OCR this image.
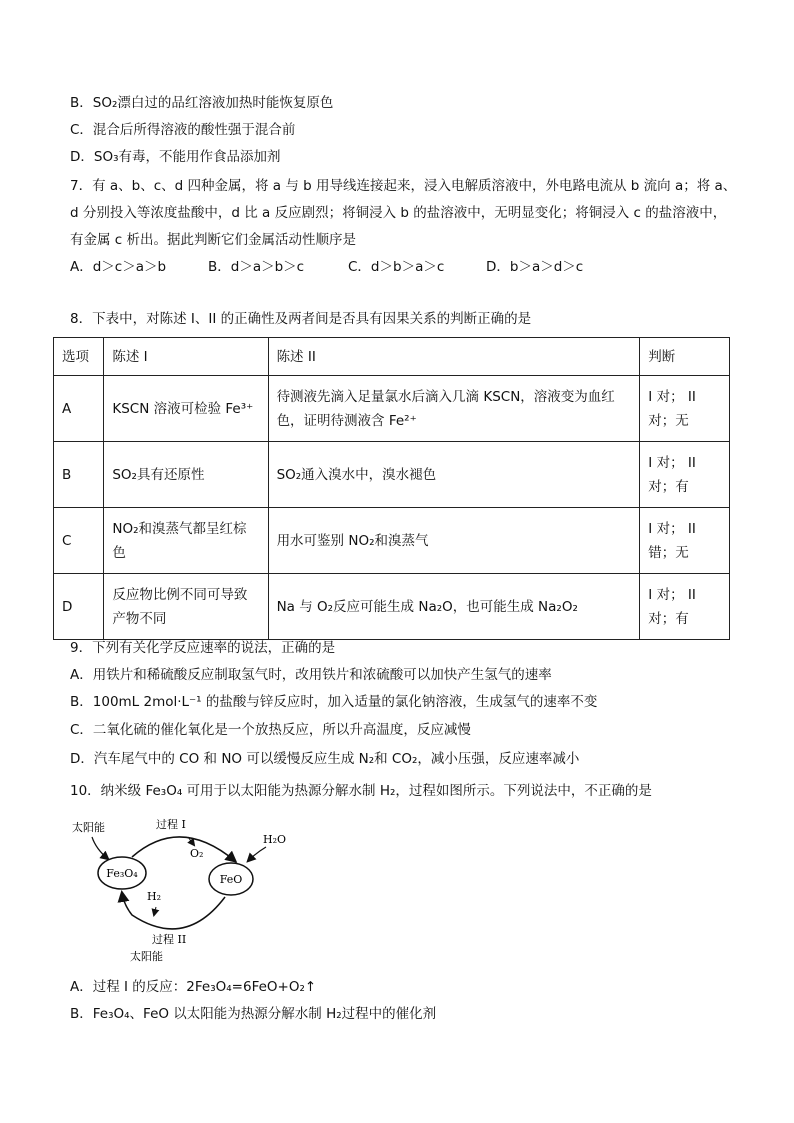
B．SO₂漂白过的品红溶液加热时能恢复原色
C．混合后所得溶液的酸性强于混合前
D．SO₃有毒，不能用作食品添加剂
7．有 a、b、c、d 四种金属，将 a 与 b 用导线连接起来，浸入电解质溶液中，外电路电流从 b 流向 a；将 a、
d 分别投入等浓度盐酸中，d 比 a 反应剧烈；将铜浸入 b 的盐溶液中，无明显变化；将铜浸入 c 的盐溶液中，
有金属 c 析出。据此判断它们金属活动性顺序是
A．d＞c＞a＞b	B．d＞a＞b＞c	C．d＞b＞a＞c	D．b＞a＞d＞c
8．下表中，对陈述 I、II 的正确性及两者间是否具有因果关系的判断正确的是
选项	陈述 I	陈述 II	判断
A	KSCN 溶液可检验 Fe³⁺	待测液先滴入足量氯水后滴入几滴 KSCN，溶液变为血红色，证明待测液含 Fe²⁺	I 对； II 对；无
B	SO₂具有还原性	SO₂通入溴水中，溴水褪色	I 对； II 对；有
C	NO₂和溴蒸气都呈红棕色	用水可鉴别 NO₂和溴蒸气	I 对； II 错；无
D	反应物比例不同可导致产物不同	Na 与 O₂反应可能生成 Na₂O，也可能生成 Na₂O₂	I 对； II 对；有
9．下列有关化学反应速率的说法，正确的是
A．用铁片和稀硫酸反应制取氢气时，改用铁片和浓硫酸可以加快产生氢气的速率
B．100mL 2mol·L⁻¹ 的盐酸与锌反应时，加入适量的氯化钠溶液，生成氢气的速率不变
C．二氧化硫的催化氧化是一个放热反应，所以升高温度，反应减慢
D．汽车尾气中的 CO 和 NO 可以缓慢反应生成 N₂和 CO₂，减小压强，反应速率减小
10．纳米级 Fe₃O₄ 可用于以太阳能为热源分解水制 H₂，过程如图所示。下列说法中，不正确的是
太阳能
Fe₃O₄	FeO
过程 I
O₂
H₂O
H₂
过程 II
太阳能
A．过程 I 的反应：2Fe₃O₄=6FeO+O₂↑
B．Fe₃O₄、FeO 以太阳能为热源分解水制 H₂过程中的催化剂
